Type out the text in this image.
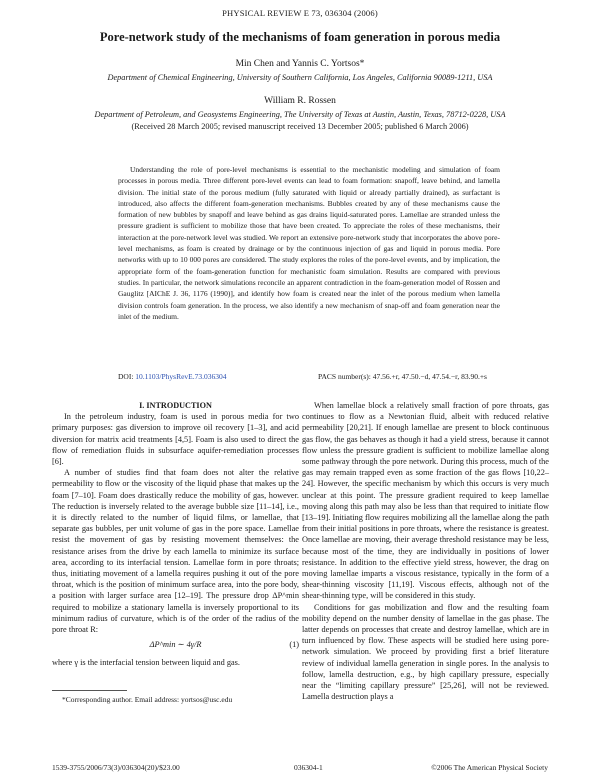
PHYSICAL REVIEW E 73, 036304 (2006)
Pore-network study of the mechanisms of foam generation in porous media
Min Chen and Yannis C. Yortsos*
Department of Chemical Engineering, University of Southern California, Los Angeles, California 90089-1211, USA
William R. Rossen
Department of Petroleum, and Geosystems Engineering, The University of Texas at Austin, Austin, Texas, 78712-0228, USA
(Received 28 March 2005; revised manuscript received 13 December 2005; published 6 March 2006)

Understanding the role of pore-level mechanisms is essential to the mechanistic modeling and simulation of foam processes in porous media. Three different pore-level events can lead to foam formation: snapoff, leave behind, and lamella division. The initial state of the porous medium (fully saturated with liquid or already partially drained), as surfactant is introduced, also affects the different foam-generation mechanisms. Bubbles created by any of these mechanisms cause the formation of new bubbles by snapoff and leave behind as gas drains liquid-saturated pores. Lamellae are stranded unless the pressure gradient is sufficient to mobilize those that have been created. To appreciate the roles of these mechanisms, their interaction at the pore-network level was studied. We report an extensive pore-network study that incorporates the above pore-level mechanisms, as foam is created by drainage or by the continuous injection of gas and liquid in porous media. Pore networks with up to 10 000 pores are considered. The study explores the roles of the pore-level events, and by implication, the appropriate form of the foam-generation function for mechanistic foam simulation. Results are compared with previous studies. In particular, the network simulations reconcile an apparent contradiction in the foam-generation model of Rossen and Gauglitz [AIChE J. 36, 1176 (1990)], and identify how foam is created near the inlet of the porous medium when lamella division controls foam generation. In the process, we also identify a new mechanism of snap-off and foam generation near the inlet of the medium.

DOI: 10.1103/PhysRevE.73.036304	PACS number(s): 47.56.+r, 47.50.−d, 47.54.−r, 83.90.+s

I. INTRODUCTION

In the petroleum industry, foam is used in porous media for two primary purposes: gas diversion to improve oil recovery [1–3], and acid diversion for matrix acid treatments [4,5]. Foam is also used to direct the flow of remediation fluids in subsurface aquifer-remediation processes [6].

A number of studies find that foam does not alter the relative permeability to flow or the viscosity of the liquid phase that makes up the foam [7–10]. Foam does drastically reduce the mobility of gas, however. The reduction is inversely related to the average bubble size [11–14], i.e., it is directly related to the number of liquid films, or lamellae, that separate gas bubbles, per unit volume of gas in the pore space. Lamellae resist the movement of gas by resisting movement themselves: the resistance arises from the drive by each lamella to minimize its surface area, according to its interfacial tension. Lamellae form in pore throats; thus, initiating movement of a lamella requires pushing it out of the pore throat, which is the position of minimum surface area, into the pore body, a position with larger surface area [12–19]. The pressure drop ΔP^min required to mobilize a stationary lamella is inversely proportional to its minimum radius of curvature, which is of the order of the radius of the pore throat R:

ΔP^min ∼ 4γ/R	(1)

where γ is the interfacial tension between liquid and gas.

When lamellae block a relatively small fraction of pore throats, gas continues to flow as a Newtonian fluid, albeit with reduced relative permeability [20,21]. If enough lamellae are present to block continuous gas flow, the gas behaves as though it had a yield stress, because it cannot flow unless the pressure gradient is sufficient to mobilize lamellae along some pathway through the pore network. During this process, much of the gas may remain trapped even as some fraction of the gas flows [10,22–24]. However, the specific mechanism by which this occurs is very much unclear at this point. The pressure gradient required to keep lamellae moving along this path may also be less than that required to initiate flow [13–19]. Initiating flow requires mobilizing all the lamellae along the path from their initial positions in pore throats, where the resistance is greatest. Once lamellae are moving, their average threshold resistance may be less, because most of the time, they are individually in positions of lower resistance. In addition to the effective yield stress, however, the drag on moving lamellae imparts a viscous resistance, typically in the form of a shear-thinning viscosity [11,19]. Viscous effects, although not of the shear-thinning type, will be considered in this study.

Conditions for gas mobilization and flow and the resulting foam mobility depend on the number density of lamellae in the gas phase. The latter depends on processes that create and destroy lamellae, which are in turn influenced by flow. These aspects will be studied here using pore-network simulation. We proceed by providing first a brief literature review of individual lamella generation in single pores. In the analysis to follow, lamella destruction, e.g., by high capillary pressure, especially near the “limiting capillary pressure” [25,26], will not be reviewed. Lamella destruction plays a

*Corresponding author. Email address: yortsos@usc.edu
1539-3755/2006/73(3)/036304(20)/$23.00	036304-1	©2006 The American Physical Society
